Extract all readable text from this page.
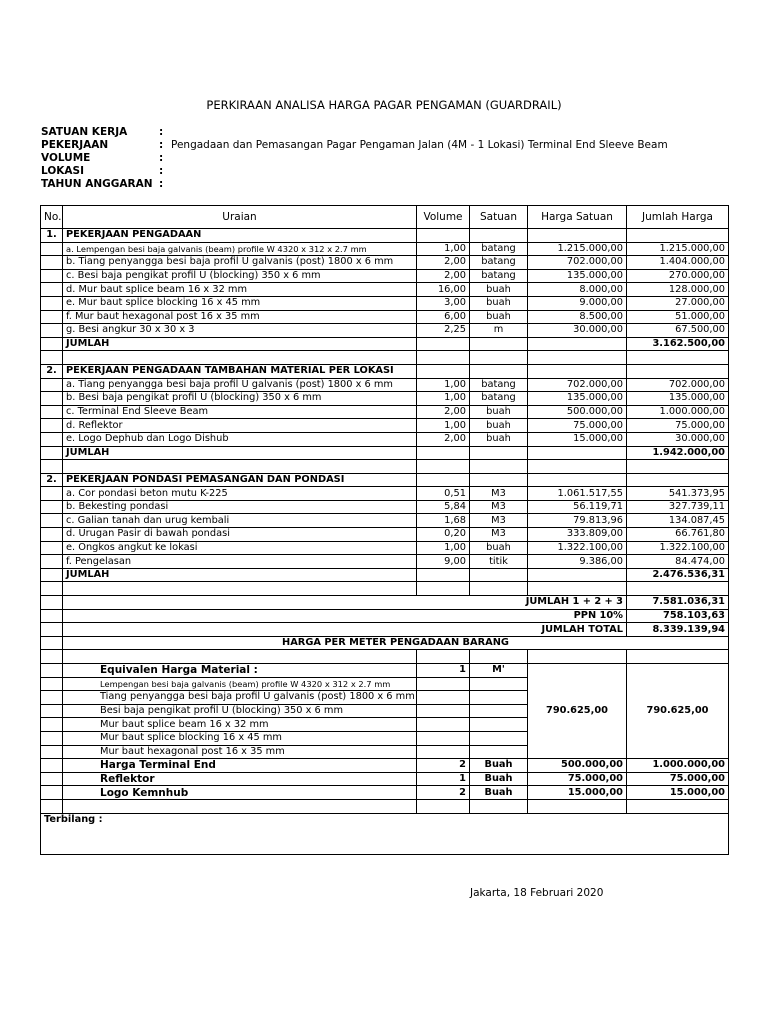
PERKIRAAN ANALISA HARGA PAGAR PENGAMAN (GUARDRAIL)
SATUAN KERJA	:	
PEKERJAAN	:	Pengadaan dan Pemasangan Pagar Pengaman Jalan (4M - 1 Lokasi) Terminal End Sleeve Beam
VOLUME	:	
LOKASI	:	
TAHUN ANGGARAN	:	
No.	Uraian	Volume	Satuan	Harga Satuan	Jumlah Harga
1.	PEKERJAAN PENGADAAN				
	a. Lempengan besi baja galvanis (beam) profile W 4320 x 312 x 2.7 mm	1,00	batang	1.215.000,00	1.215.000,00
	b. Tiang penyangga besi baja profil U galvanis (post) 1800 x 6 mm	2,00	batang	702.000,00	1.404.000,00
	c. Besi baja pengikat profil U (blocking) 350 x 6 mm	2,00	batang	135.000,00	270.000,00
	d. Mur baut splice beam 16 x 32 mm	16,00	buah	8.000,00	128.000,00
	e. Mur baut splice blocking 16 x 45 mm	3,00	buah	9.000,00	27.000,00
	f. Mur baut hexagonal post 16 x 35 mm	6,00	buah	8.500,00	51.000,00
	g. Besi angkur 30 x 30 x 3	2,25	m	30.000,00	67.500,00
	JUMLAH				3.162.500,00

2.	PEKERJAAN PENGADAAN TAMBAHAN MATERIAL PER LOKASI				
	a. Tiang penyangga besi baja profil U galvanis (post) 1800 x 6 mm	1,00	batang	702.000,00	702.000,00
	b. Besi baja pengikat profil U (blocking) 350 x 6 mm	1,00	batang	135.000,00	135.000,00
	c. Terminal End Sleeve Beam	2,00	buah	500.000,00	1.000.000,00
	d. Reflektor	1,00	buah	75.000,00	75.000,00
	e. Logo Dephub dan Logo Dishub	2,00	buah	15.000,00	30.000,00
	JUMLAH				1.942.000,00

2.	PEKERJAAN PONDASI PEMASANGAN DAN PONDASI				
	a. Cor pondasi beton mutu K-225	0,51	M3	1.061.517,55	541.373,95
	b. Bekesting pondasi	5,84	M3	56.119,71	327.739,11
	c. Galian tanah dan urug kembali	1,68	M3	79.813,96	134.087,45
	d. Urugan Pasir di bawah pondasi	0,20	M3	333.809,00	66.761,80
	e. Ongkos angkut ke lokasi	1,00	buah	1.322.100,00	1.322.100,00
	f. Pengelasan	9,00	titik	9.386,00	84.474,00
	JUMLAH				2.476.536,31

	JUMLAH 1 + 2 + 3				7.581.036,31
	PPN 10%				758.103,63
	JUMLAH TOTAL				8.339.139,94
	HARGA PER METER PENGADAAN BARANG				

	Equivalen Harga Material :	1	M'	790.625,00	790.625,00
	Lempengan besi baja galvanis (beam) profile W 4320 x 312 x 2.7 mm				
	Tiang penyangga besi baja profil U galvanis (post) 1800 x 6 mm				
	Besi baja pengikat profil U (blocking) 350 x 6 mm				
	Mur baut splice beam 16 x 32 mm				
	Mur baut splice blocking 16 x 45 mm				
	Mur baut hexagonal post 16 x 35 mm				
	Harga Terminal End	2	Buah	500.000,00	1.000.000,00
	Reflektor	1	Buah	75.000,00	75.000,00
	Logo Kemnhub	2	Buah	15.000,00	15.000,00

Terbilang :					
Jakarta, 18 Februari 2020
